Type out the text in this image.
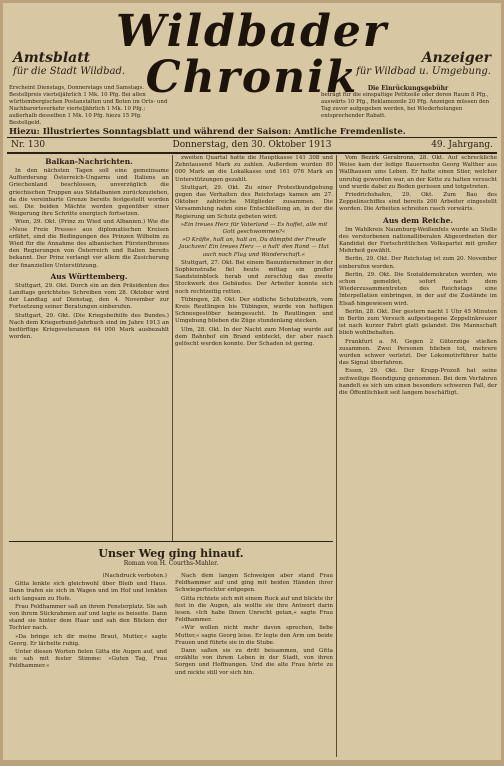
Wildbader Chronik
Amtsblatt
für die Stadt Wildbad.
Anzeiger
für Wildbad u. Umgebung.
Erscheint Dienstags, Donnerstags und Samstags. Bestellpreis vierteljährlich 1 Mk. 10 Pfg. Bei allen württembergischen Postanstalten und Boten im Orts- und Nachbarortsverkehr vierteljährlich 1 Mk. 10 Pfg.; außerhalb desselben 1 Mk. 10 Pfg. hiezu 15 Pfg. Bestellgeld.
Die Einrückungsgebühr
beträgt für die einspaltige Petitzeile oder deren Raum 8 Pfg., auswärts 10 Pfg., Reklamezeile 20 Pfg. Anzeigen müssen den Tag zuvor aufgegeben werden, bei Wiederholungen entsprechender Rabatt.
Hiezu: Illustriertes Sonntagsblatt und während der Saison: Amtliche Fremdenliste.
Donnerstag, den 30. Oktober 1913
Nr. 130	49. Jahrgang.

Balkan-Nachrichten.

In den nächsten Tagen soll eine gemeinsame Aufforderung Österreich-Ungarns und Italiens an Griechenland beschlossen, unverzüglich die griechischen Truppen aus Südalbanien zurückzuziehen, da die vereinbarte Grenze bereits festgestellt worden sei. Die beiden Mächte werden gegenüber einer Weigerung ihre Schritte energisch fortsetzen.

Wien, 29. Okt. (Prinz zu Wied und Albanien.) Wie die »Neue Freie Presse« aus diplomatischen Kreisen erfährt, sind die Bedingungen des Prinzen Wilhelm zu Wied für die Annahme des albanischen Fürstenthrones den Regierungen von Österreich und Italien bereits bekannt. Der Prinz verlangt vor allem die Zusicherung der finanziellen Unterstützung.

Aus Württemberg.

Stuttgart, 29. Okt. Durch ein an den Präsidenten des Landtags gerichtetes Schreiben vom 28. Oktober wird der Landtag auf Dienstag, den 4. November zur Fortsetzung seiner Beratungen einberufen.

Stuttgart, 29. Okt. (Die Kriegsbeihilfe des Bundes.) Nach dem Kriegerbund-Jahrbuch sind im Jahre 1913 an bedürftige Kriegsveteranen 64 000 Mark ausbezahlt worden.

zweiten Quartal hatte die Hauptkasse 141 308 und Zehntausend Mark zu zahlen. Außerdem wurden 80 000 Mark an die Lokalkasse und 161 076 Mark an Unterstützungen gezahlt.

Stuttgart, 29. Okt. Zu einer Protestkundgebung gegen das Verhalten des Reichstags kamen am 27. Oktober zahlreiche Mitglieder zusammen. Die Versammlung nahm eine Entschließung an, in der die Regierung um Schutz gebeten wird.

»Ein treues Herz für Vaterland — Es hoffet, alle mit Gott geschwommen?«

»O Kräfte, halt an, halt an, Du dämpfst der Freude Jauchzen! Ein treues Herz — o halt' den Rand — Hat auch noch Flug und Wanderschaft.«

Stuttgart, 27. Okt. Bei einem Bauunternehmer in der Sophienstraße fiel heute mittag ein großer Sandsteinblock herab und zerschlug das zweite Stockwerk des Gebäudes. Der Arbeiter konnte sich noch rechtzeitig retten.

Tübingen, 28. Okt. Der südliche Schutzbezirk, vom Kreis Reutlingen bis Tübingen, wurde von heftigen Schneegestöber heimgesucht. In Reutlingen und Umgebung blieben die Züge stundenlang stecken.

Ulm, 28. Okt. In der Nacht zum Montag wurde auf dem Bahnhof ein Brand entdeckt, der aber rasch gelöscht werden konnte. Der Schaden ist gering.

Vom Bezirk Gerabronn, 28. Okt. Auf schreckliche Weise kam der ledige Bauernsohn Georg Walther aus Wallhausen ums Leben. Er hatte einen Stier, welcher unruhig geworden war, an der Kette zu halten versucht und wurde dabei zu Boden gerissen und totgetreten.

Friedrichshafen, 29. Okt. Zum Bau des Zeppelinschiffes sind bereits 200 Arbeiter eingestellt worden. Die Arbeiten schreiten rasch vorwärts.

Aus dem Reiche.

Im Wahlkreis Naumburg-Weißenfels wurde an Stelle des verstorbenen nationalliberalen Abgeordneten der Kandidat der Fortschrittlichen Volkspartei mit großer Mehrheit gewählt.

Berlin, 29. Okt. Der Reichstag ist zum 20. November einberufen worden.

Berlin, 29. Okt. Die Sozialdemokraten werden, wie schon gemeldet, sofort nach dem Wiederzusammentreten des Reichstags eine Interpellation einbringen, in der auf die Zustände im Elsaß hingewiesen wird.

Berlin, 28. Okt. Der gestern nacht 1 Uhr 45 Minuten in Berlin zum Versuch aufgestiegene Zeppelinkreuzer ist nach kurzer Fahrt glatt gelandet. Die Mannschaft blieb wohlbehalten.

Frankfurt a. M. Gegen 2 Güterzüge stießen zusammen. Zwei Personen blieben tot, mehrere wurden schwer verletzt. Der Lokomotivführer hatte das Signal überfahren.

Essen, 29. Okt. Der Krupp-Prozeß hat seine zeitweilige Beendigung genommen. Bei dem Verfahren handelt es sich um einen besonders schweren Fall, der die Öffentlichkeit seit langem beschäftigt.

Unser Weg ging hinauf.
Roman von H. Courths-Mahler.

(Nachdruck verboten.)

Gitta lenkte sich gleichwohl über Bleib und Haus. Dann trafen sie sich in Wagen und im Hof und lenkten sich langsam zu Hofe.

Frau Feldhammer saß an ihrem Fensterplatz. Sie sah von ihrem Stickrahmen auf und legte es beiseite. Dann stand sie hinter dem Haar und sah den Blicken der Tochter nach.

»Da bringe ich dir meine Braut, Mutter,« sagte Georg. Er lächelte ruhig.

Unter diesen Worten fielen Gitta die Augen auf, und sie sah mit fester Stimme: »Guten Tag, Frau Feldhammer.«

Nach dem langen Schweigen aber stand Frau Feldhammer auf und ging mit beiden Händen ihrer Schwiegertochter entgegen.

Gitta richtete sich mit einem Ruck auf und blickte ihr fest in die Augen, als wollte sie ihre Antwort darin lesen. »Ich habe Ihnen Unrecht getan,« sagte Frau Feldhammer.

»Wir wollen nicht mehr davon sprechen, liebe Mutter,« sagte Georg leise. Er legte den Arm um beide Frauen und führte sie in die Stube.

Dann saßen sie zu dritt beisammen, und Gitta erzählte von ihrem Leben in der Stadt, von ihren Sorgen und Hoffnungen. Und die alte Frau hörte zu und nickte still vor sich hin.
